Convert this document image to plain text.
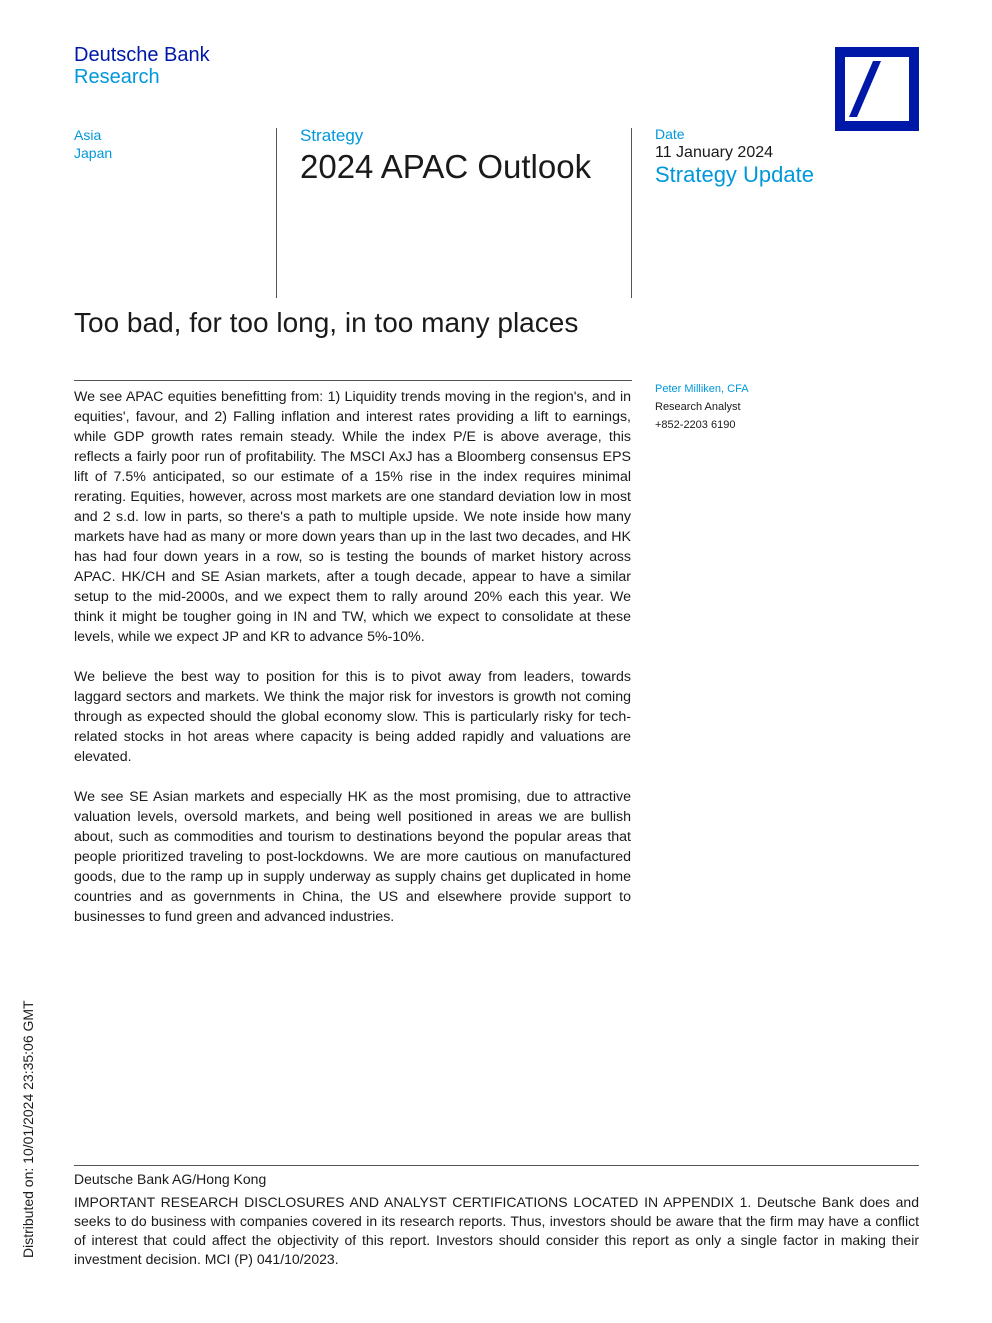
Deutsche Bank
Research
Asia
Japan
Strategy
2024 APAC Outlook
Date
11 January 2024
Strategy Update
Too bad, for too long, in too many places

We see APAC equities benefitting from: 1) Liquidity trends moving in the region's, and in equities', favour, and 2) Falling inflation and interest rates providing a lift to earnings, while GDP growth rates remain steady. While the index P/E is above average, this reflects a fairly poor run of profitability. The MSCI AxJ has a Bloomberg consensus EPS lift of 7.5% anticipated, so our estimate of a 15% rise in the index requires minimal rerating. Equities, however, across most markets are one standard deviation low in most and 2 s.d. low in parts, so there's a path to multiple upside. We note inside how many markets have had as many or more down years than up in the last two decades, and HK has had four down years in a row, so is testing the bounds of market history across APAC. HK/CH and SE Asian markets, after a tough decade, appear to have a similar setup to the mid-2000s, and we expect them to rally around 20% each this year. We think it might be tougher going in IN and TW, which we expect to consolidate at these levels, while we expect JP and KR to advance 5%-10%.

We believe the best way to position for this is to pivot away from leaders, towards laggard sectors and markets. We think the major risk for investors is growth not coming through as expected should the global economy slow. This is particularly risky for tech-related stocks in hot areas where capacity is being added rapidly and valuations are elevated.

We see SE Asian markets and especially HK as the most promising, due to attractive valuation levels, oversold markets, and being well positioned in areas we are bullish about, such as commodities and tourism to destinations beyond the popular areas that people prioritized traveling to post-lockdowns. We are more cautious on manufactured goods, due to the ramp up in supply underway as supply chains get duplicated in home countries and as governments in China, the US and elsewhere provide support to businesses to fund green and advanced industries.

Peter Milliken, CFA
Research Analyst
+852-2203 6190
Distributed on: 10/01/2024 23:35:06 GMT	Deutsche Bank AG/Hong Kong
IMPORTANT RESEARCH DISCLOSURES AND ANALYST CERTIFICATIONS LOCATED IN APPENDIX 1. Deutsche Bank does and seeks to do business with companies covered in its research reports. Thus, investors should be aware that the firm may have a conflict of interest that could affect the objectivity of this report. Investors should consider this report as only a single factor in making their investment decision. MCI (P) 041/10/2023.
